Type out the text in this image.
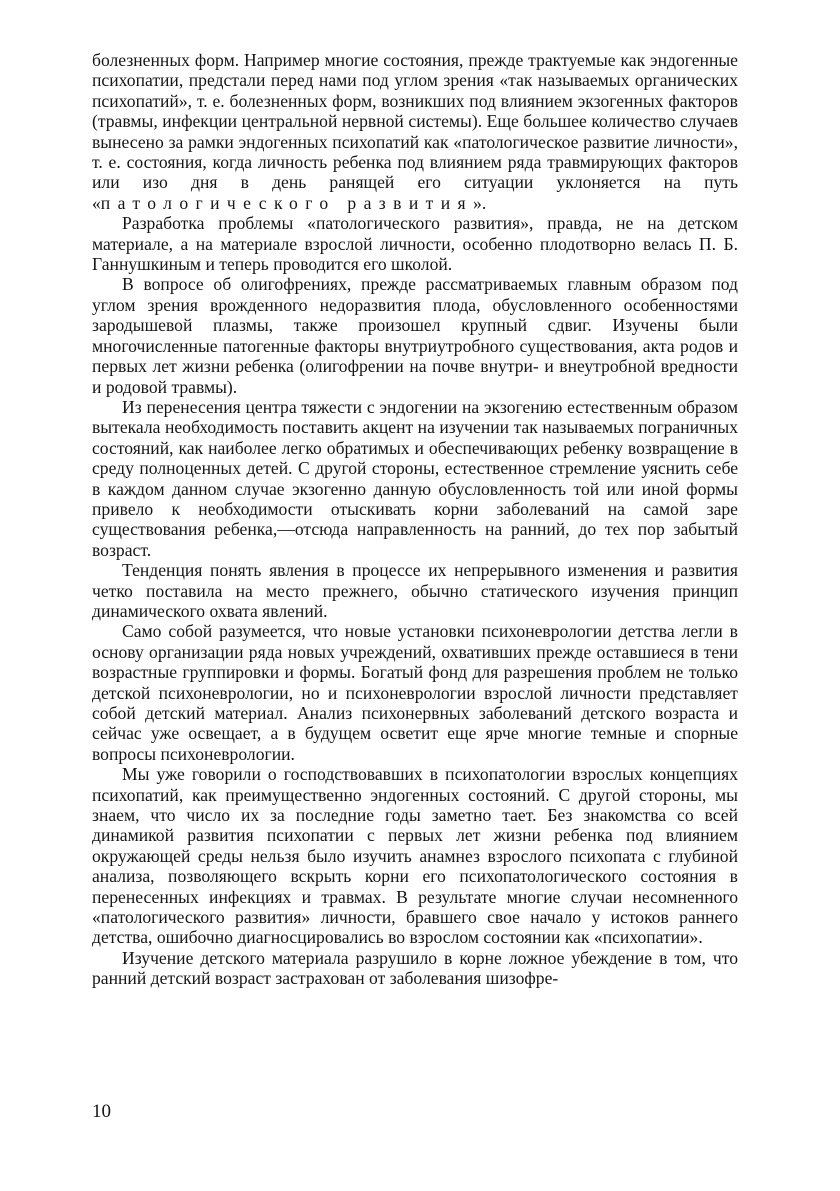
болезненных форм. Например многие состояния, прежде трактуемые как эндогенные психопатии, предстали перед нами под углом зрения «так называемых органических психопатий», т. е. болезненных форм, возникших под влиянием экзогенных факторов (травмы, инфекции центральной нервной системы). Еще большее количество случаев вынесено за рамки эндогенных психопатий как «патологическое развитие личности», т. е. состояния, когда личность ребенка под влиянием ряда травмирующих факторов или изо дня в день ранящей его ситуации уклоняется на путь «патологического развития».

Разработка проблемы «патологического развития», правда, не на детском материале, а на материале взрослой личности, особенно плодотворно велась П. Б. Ганнушкиным и теперь проводится его школой.

В вопросе об олигофрениях, прежде рассматриваемых главным образом под углом зрения врожденного недоразвития плода, обусловленного особенностями зародышевой плазмы, также произошел крупный сдвиг. Изучены были многочисленные патогенные факторы внутриутробного существования, акта родов и первых лет жизни ребенка (олигофрении на почве внутри- и внеутробной вредности и родовой травмы).

Из перенесения центра тяжести с эндогении на экзогению естественным образом вытекала необходимость поставить акцент на изучении так называемых пограничных состояний, как наиболее легко обратимых и обеспечивающих ребенку возвращение в среду полноценных детей. С другой стороны, естественное стремление уяснить себе в каждом данном случае экзогенно данную обусловленность той или иной формы привело к необходимости отыскивать корни заболеваний на самой заре существования ребенка,—отсюда направленность на ранний, до тех пор забытый возраст.

Тенденция понять явления в процессе их непрерывного изменения и развития четко поставила на место прежнего, обычно статического изучения принцип динамического охвата явлений.

Само собой разумеется, что новые установки психоневрологии детства легли в основу организации ряда новых учреждений, охвативших прежде оставшиеся в тени возрастные группировки и формы. Богатый фонд для разрешения проблем не только детской психоневрологии, но и психоневрологии взрослой личности представляет собой детский материал. Анализ психонервных заболеваний детского возраста и сейчас уже освещает, а в будущем осветит еще ярче многие темные и спорные вопросы психоневрологии.

Мы уже говорили о господствовавших в психопатологии взрослых концепциях психопатий, как преимущественно эндогенных состояний. С другой стороны, мы знаем, что число их за последние годы заметно тает. Без знакомства со всей динамикой развития психопатии с первых лет жизни ребенка под влиянием окружающей среды нельзя было изучить анамнез взрослого психопата с глубиной анализа, позволяющего вскрыть корни его психопатологического состояния в перенесенных инфекциях и травмах. В результате многие случаи несомненного «патологического развития» личности, бравшего свое начало у истоков раннего детства, ошибочно диагносцировались во взрослом состоянии как «психопатии».

Изучение детского материала разрушило в корне ложное убеждение в том, что ранний детский возраст застрахован от заболевания шизофре-

10
